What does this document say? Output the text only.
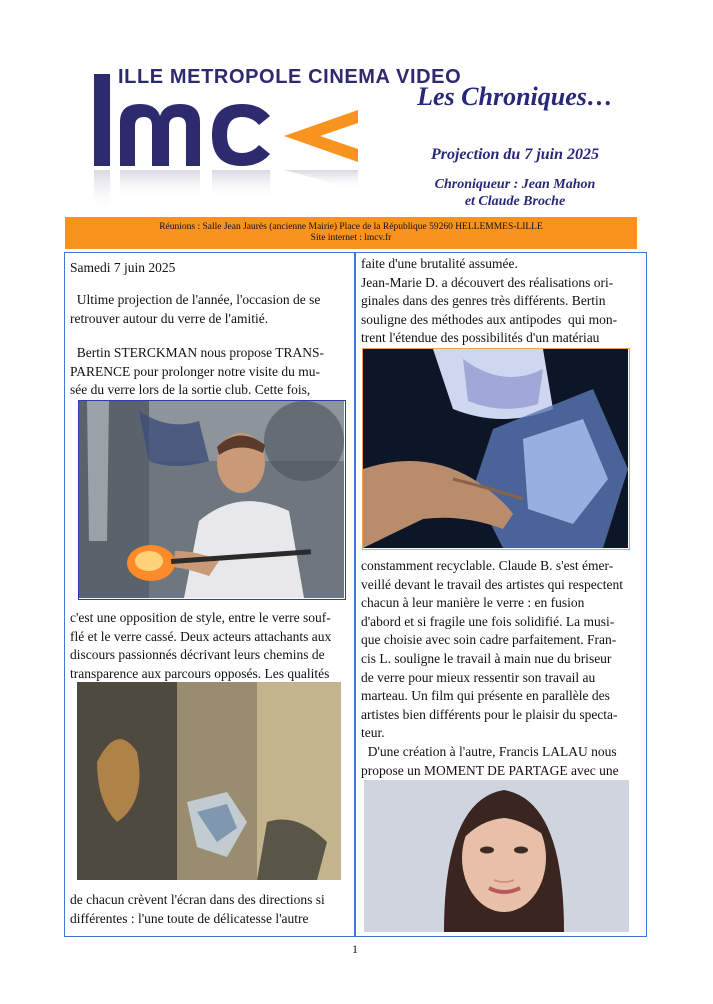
ILLE METROPOLE CINEMA VIDEO
Les Chroniques…
Projection du 7 juin 2025
Chroniqueur : Jean Mahon
et Claude Broche
Réunions : Salle Jean Jaurès (ancienne Mairie) Place de la République 59260 HELLEMMES-LILLE
Site internet : lmcv.fr
Samedi 7 juin 2025
Ultime projection de l'année, l'occasion de se
retrouver autour du verre de l'amitié.
Bertin STERCKMAN nous propose TRANS-
PARENCE pour prolonger notre visite du mu-
sée du verre lors de la sortie club. Cette fois,
c'est une opposition de style, entre le verre souf-
flé et le verre cassé. Deux acteurs attachants aux
discours passionnés décrivant leurs chemins de
transparence aux parcours opposés. Les qualités
de chacun crèvent l'écran dans des directions si
différentes : l'une toute de délicatesse l'autre
faite d'une brutalité assumée.
Jean-Marie D. a découvert des réalisations ori-
ginales dans des genres très différents. Bertin
souligne des méthodes aux antipodes  qui mon-
trent l'étendue des possibilités d'un matériau
constamment recyclable. Claude B. s'est émer-
veillé devant le travail des artistes qui respectent
chacun à leur manière le verre : en fusion
d'abord et si fragile une fois solidifié. La musi-
que choisie avec soin cadre parfaitement. Fran-
cis L. souligne le travail à main nue du briseur
de verre pour mieux ressentir son travail au
marteau. Un film qui présente en parallèle des
artistes bien différents pour le plaisir du specta-
teur.
D'une création à l'autre, Francis LALAU nous
propose un MOMENT DE PARTAGE avec une
1
